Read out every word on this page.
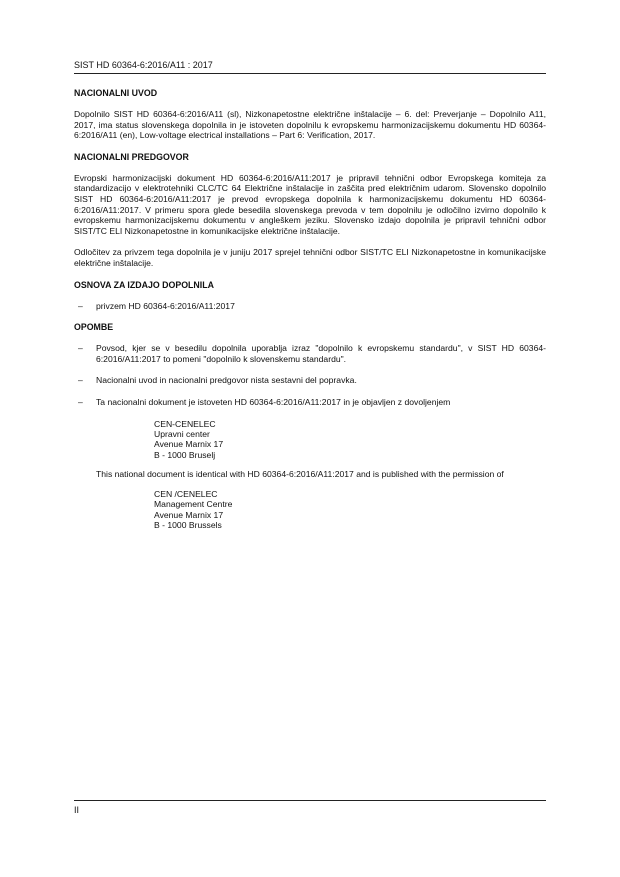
SIST HD 60364-6:2016/A11 : 2017
NACIONALNI UVOD

Dopolnilo SIST HD 60364-6:2016/A11 (sl), Nizkonapetostne električne inštalacije – 6. del: Preverjanje – Dopolnilo A11, 2017, ima status slovenskega dopolnila in je istoveten dopolnilu k evropskemu harmonizacijskemu dokumentu HD 60364-6:2016/A11 (en), Low-voltage electrical installations – Part 6: Verification, 2017.

NACIONALNI PREDGOVOR

Evropski harmonizacijski dokument HD 60364-6:2016/A11:2017 je pripravil tehnični odbor Evropskega komiteja za standardizacijo v elektrotehniki CLC/TC 64 Električne inštalacije in zaščita pred električnim udarom. Slovensko dopolnilo SIST HD 60364-6:2016/A11:2017 je prevod evropskega dopolnila k harmonizacijskemu dokumentu HD 60364-6:2016/A11:2017. V primeru spora glede besedila slovenskega prevoda v tem dopolnilu je odločilno izvirno dopolnilo k evropskemu harmonizacijskemu dokumentu v angleškem jeziku. Slovensko izdajo dopolnila je pripravil tehnični odbor SIST/TC ELI Nizkonapetostne in komunikacijske električne inštalacije.

Odločitev za privzem tega dopolnila je v juniju 2017 sprejel tehnični odbor SIST/TC ELI Nizkonapetostne in komunikacijske električne inštalacije.

OSNOVA ZA IZDAJO DOPOLNILA
– privzem HD 60364-6:2016/A11:2017
OPOMBE
– Povsod, kjer se v besedilu dopolnila uporablja izraz "dopolnilo k evropskemu standardu", v SIST HD 60364-6:2016/A11:2017 to pomeni "dopolnilo k slovenskemu standardu".
– Nacionalni uvod in nacionalni predgovor nista sestavni del popravka.
– Ta nacionalni dokument je istoveten HD 60364-6:2016/A11:2017 in je objavljen z dovoljenjem
CEN-CENELEC
Upravni center
Avenue Marnix 17
B - 1000 Bruselj
This national document is identical with HD 60364-6:2016/A11:2017 and is published with the permission of
CEN /CENELEC
Management Centre
Avenue Marnix 17
B - 1000 Brussels
II
